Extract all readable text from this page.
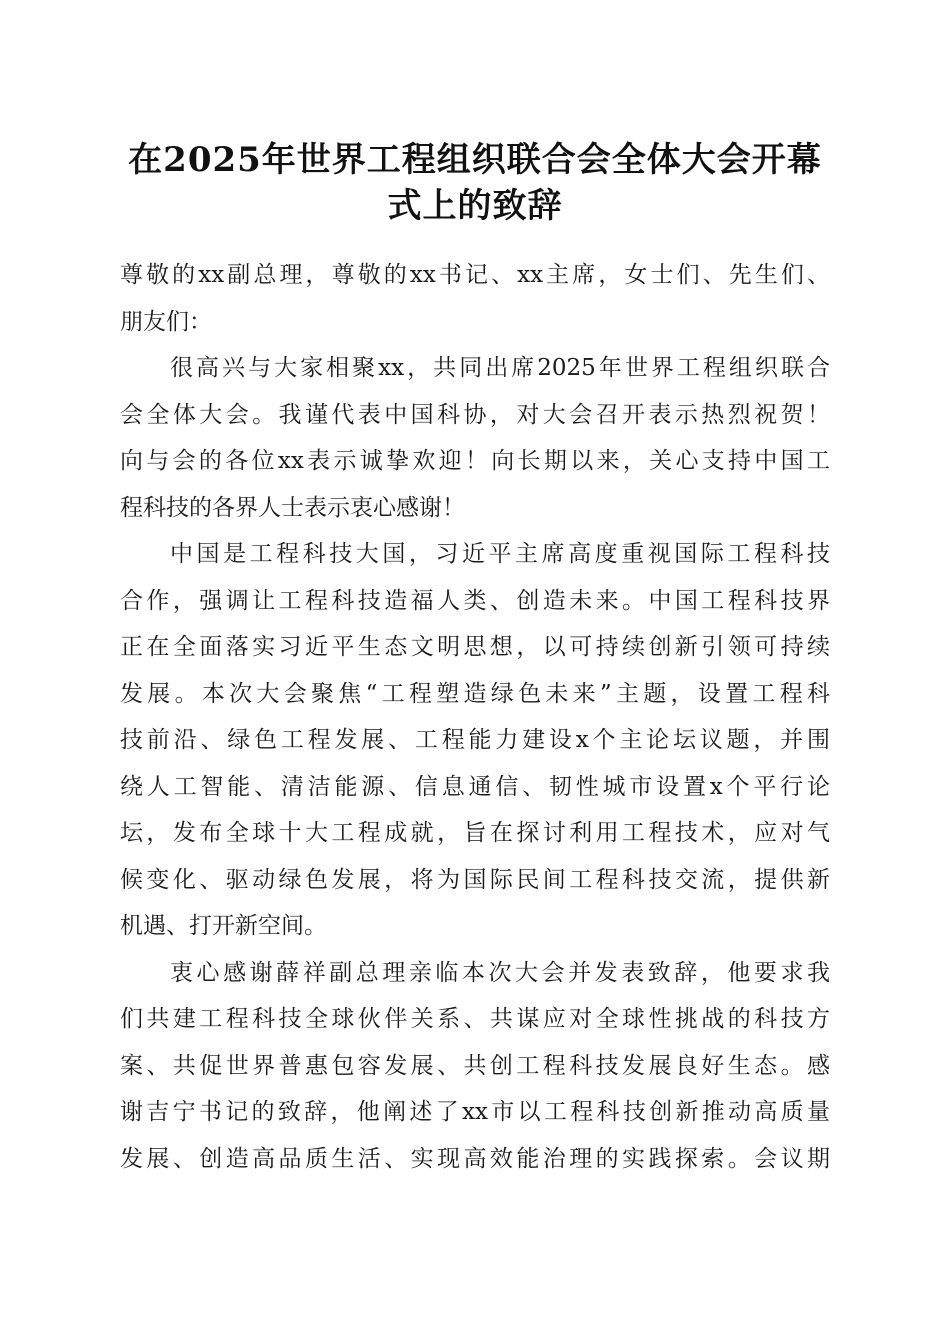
在2025年世界工程组织联合会全体大会开幕
式上的致辞
尊敬的xx副总理，尊敬的xx书记、xx主席，女士们、先生们、
朋友们：
很高兴与大家相聚xx，共同出席2025年世界工程组织联合
会全体大会。我谨代表中国科协，对大会召开表示热烈祝贺！
向与会的各位xx表示诚挚欢迎！向长期以来，关心支持中国工
程科技的各界人士表示衷心感谢！
中国是工程科技大国，习近平主席高度重视国际工程科技
合作，强调让工程科技造福人类、创造未来。中国工程科技界
正在全面落实习近平生态文明思想，以可持续创新引领可持续
发展。本次大会聚焦“工程塑造绿色未来”主题，设置工程科
技前沿、绿色工程发展、工程能力建设x个主论坛议题，并围
绕人工智能、清洁能源、信息通信、韧性城市设置x个平行论
坛，发布全球十大工程成就，旨在探讨利用工程技术，应对气
候变化、驱动绿色发展，将为国际民间工程科技交流，提供新
机遇、打开新空间。
衷心感谢薛祥副总理亲临本次大会并发表致辞，他要求我
们共建工程科技全球伙伴关系、共谋应对全球性挑战的科技方
案、共促世界普惠包容发展、共创工程科技发展良好生态。感
谢吉宁书记的致辞，他阐述了xx市以工程科技创新推动高质量
发展、创造高品质生活、实现高效能治理的实践探索。会议期
